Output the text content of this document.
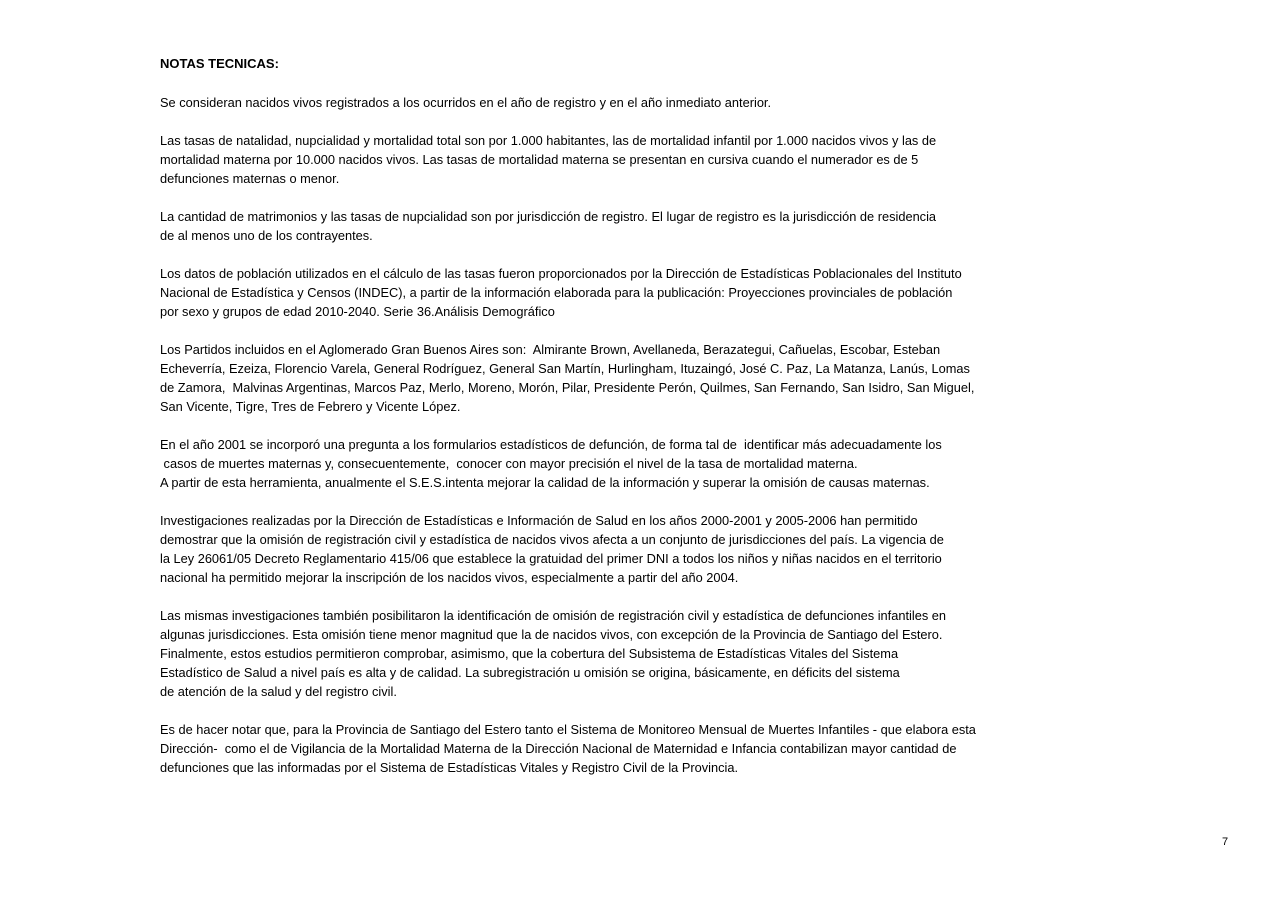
NOTAS TECNICAS:
Se consideran nacidos vivos registrados a los ocurridos en el año de registro y en el año inmediato anterior.
Las tasas de natalidad, nupcialidad y mortalidad total son por 1.000 habitantes, las de mortalidad infantil por 1.000 nacidos vivos y las de
mortalidad materna por 10.000 nacidos vivos. Las tasas de mortalidad materna se presentan en cursiva cuando el numerador es de 5
defunciones maternas o menor.
La cantidad de matrimonios y las tasas de nupcialidad son por jurisdicción de registro. El lugar de registro es la jurisdicción de residencia
de al menos uno de los contrayentes.
Los datos de población utilizados en el cálculo de las tasas fueron proporcionados por la Dirección de Estadísticas Poblacionales del Instituto
Nacional de Estadística y Censos (INDEC), a partir de la información elaborada para la publicación: Proyecciones provinciales de población
por sexo y grupos de edad 2010-2040. Serie 36.Análisis Demográfico
Los Partidos incluidos en el Aglomerado Gran Buenos Aires son:  Almirante Brown, Avellaneda, Berazategui, Cañuelas, Escobar, Esteban
Echeverría, Ezeiza, Florencio Varela, General Rodríguez, General San Martín, Hurlingham, Ituzaingó, José C. Paz, La Matanza, Lanús, Lomas
de Zamora,  Malvinas Argentinas, Marcos Paz, Merlo, Moreno, Morón, Pilar, Presidente Perón, Quilmes, San Fernando, San Isidro, San Miguel,
San Vicente, Tigre, Tres de Febrero y Vicente López.
En el año 2001 se incorporó una pregunta a los formularios estadísticos de defunción, de forma tal de  identificar más adecuadamente los
casos de muertes maternas y, consecuentemente,  conocer con mayor precisión el nivel de la tasa de mortalidad materna.
A partir de esta herramienta, anualmente el S.E.S.intenta mejorar la calidad de la información y superar la omisión de causas maternas.
Investigaciones realizadas por la Dirección de Estadísticas e Información de Salud en los años 2000-2001 y 2005-2006 han permitido
demostrar que la omisión de registración civil y estadística de nacidos vivos afecta a un conjunto de jurisdicciones del país. La vigencia de
la Ley 26061/05 Decreto Reglamentario 415/06 que establece la gratuidad del primer DNI a todos los niños y niñas nacidos en el territorio
nacional ha permitido mejorar la inscripción de los nacidos vivos, especialmente a partir del año 2004.
Las mismas investigaciones también posibilitaron la identificación de omisión de registración civil y estadística de defunciones infantiles en
algunas jurisdicciones. Esta omisión tiene menor magnitud que la de nacidos vivos, con excepción de la Provincia de Santiago del Estero.
Finalmente, estos estudios permitieron comprobar, asimismo, que la cobertura del Subsistema de Estadísticas Vitales del Sistema
Estadístico de Salud a nivel país es alta y de calidad. La subregistración u omisión se origina, básicamente, en déficits del sistema
de atención de la salud y del registro civil.
Es de hacer notar que, para la Provincia de Santiago del Estero tanto el Sistema de Monitoreo Mensual de Muertes Infantiles - que elabora esta
Dirección-  como el de Vigilancia de la Mortalidad Materna de la Dirección Nacional de Maternidad e Infancia contabilizan mayor cantidad de
defunciones que las informadas por el Sistema de Estadísticas Vitales y Registro Civil de la Provincia.
7
